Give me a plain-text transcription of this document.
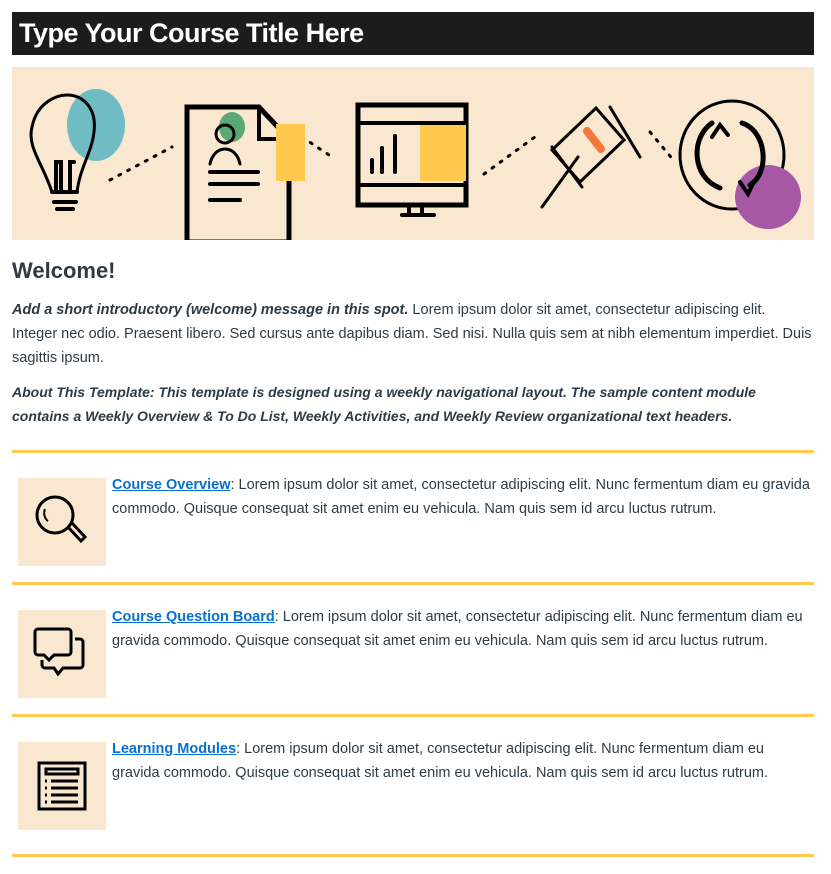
Type Your Course Title Here
Welcome!

Add a short introductory (welcome) message in this spot. Lorem ipsum dolor sit amet, consectetur adipiscing elit. Integer nec odio. Praesent libero. Sed cursus ante dapibus diam. Sed nisi. Nulla quis sem at nibh elementum imperdiet. Duis sagittis ipsum.

About This Template: This template is designed using a weekly navigational layout. The sample content module contains a Weekly Overview & To Do List, Weekly Activities, and Weekly Review organizational text headers.

Course Overview: Lorem ipsum dolor sit amet, consectetur adipiscing elit. Nunc fermentum diam eu gravida commodo. Quisque consequat sit amet enim eu vehicula. Nam quis sem id arcu luctus rutrum.
Course Question Board: Lorem ipsum dolor sit amet, consectetur adipiscing elit. Nunc fermentum diam eu gravida commodo. Quisque consequat sit amet enim eu vehicula. Nam quis sem id arcu luctus rutrum.
Learning Modules: Lorem ipsum dolor sit amet, consectetur adipiscing elit. Nunc fermentum diam eu gravida commodo. Quisque consequat sit amet enim eu vehicula. Nam quis sem id arcu luctus rutrum.
